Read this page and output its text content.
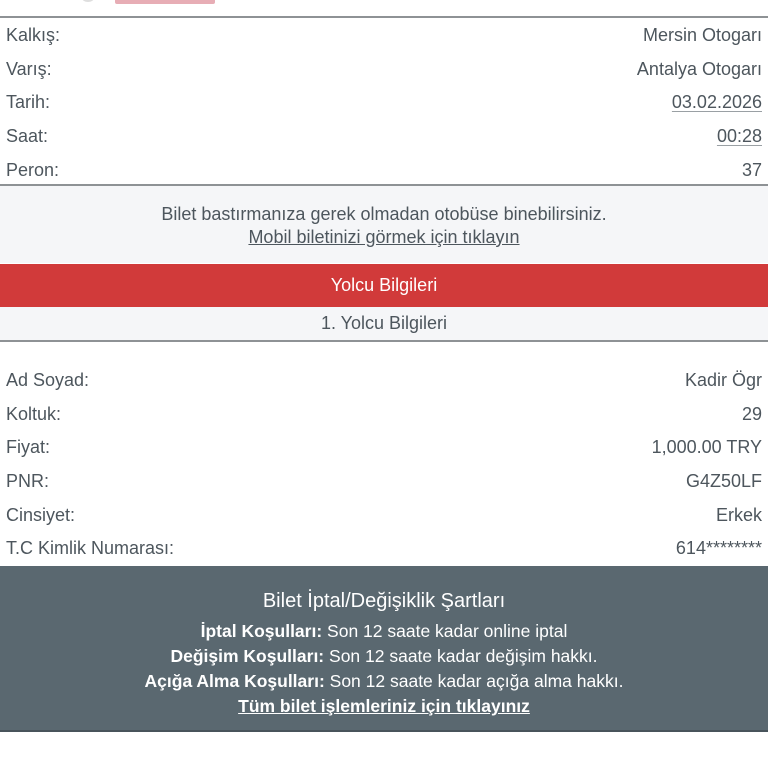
Kalkış:	Mersin Otogarı
Varış:	Antalya Otogarı
Tarih:	03.02.2026
Saat:	00:28
Peron:	37
Bilet bastırmanıza gerek olmadan otobüse binebilirsiniz.
Mobil biletinizi görmek için tıklayın
Yolcu Bilgileri
1. Yolcu Bilgileri
Ad Soyad:	Kadir Ögr
Koltuk:	29
Fiyat:	1,000.00 TRY
PNR:	G4Z50LF
Cinsiyet:	Erkek
T.C Kimlik Numarası:	614********
Bilet İptal/Değişiklik Şartları
İptal Koşulları: Son 12 saate kadar online iptal
Değişim Koşulları: Son 12 saate kadar değişim hakkı.
Açığa Alma Koşulları: Son 12 saate kadar açığa alma hakkı.
Tüm bilet işlemleriniz için tıklayınız
